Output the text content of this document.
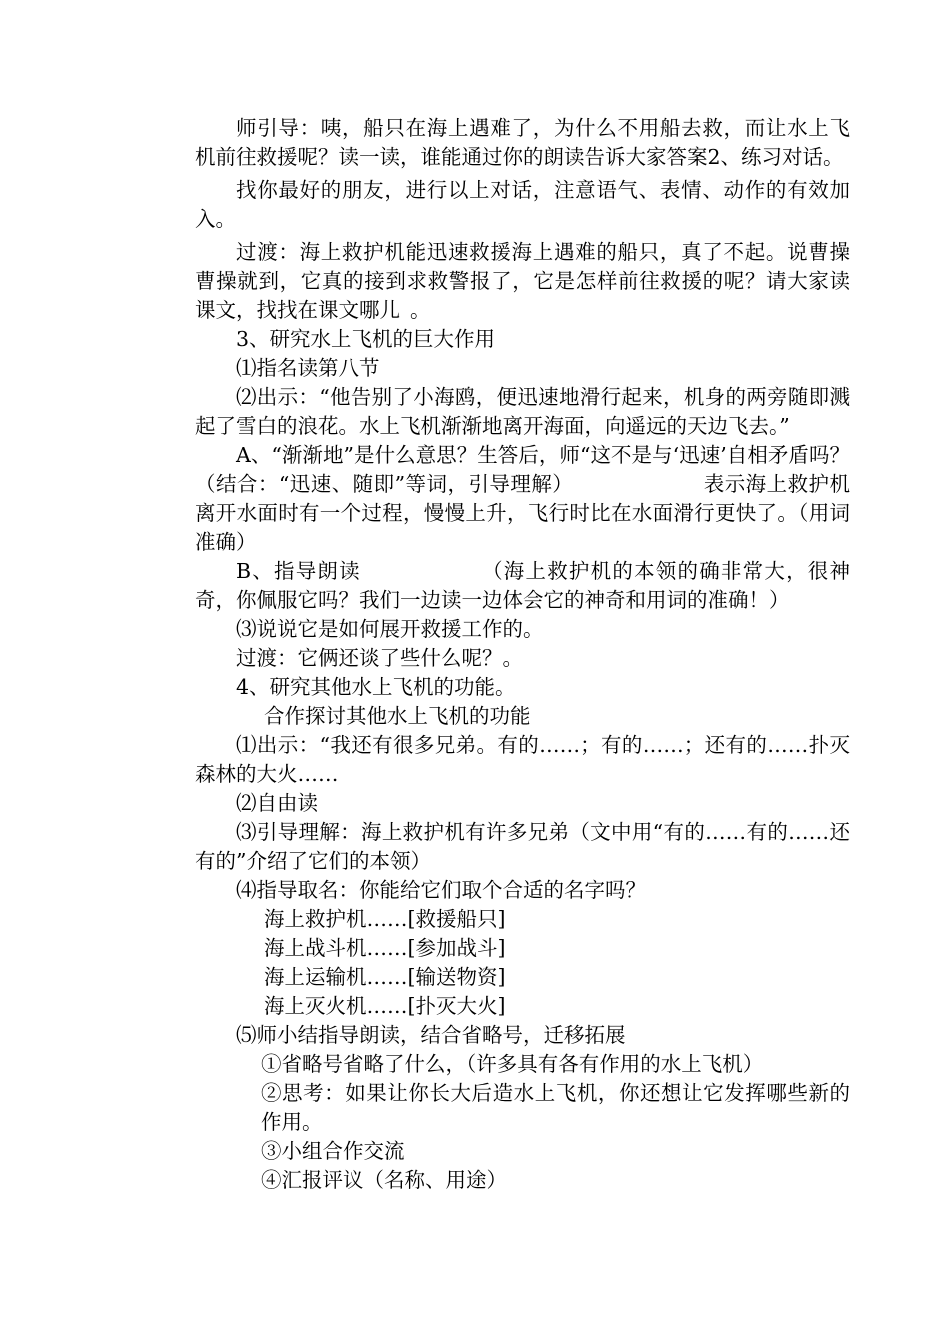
师引导：咦，船只在海上遇难了，为什么不用船去救，而让水上飞机前往救援呢？读一读，谁能通过你的朗读告诉大家答案2、练习对话。

找你最好的朋友，进行以上对话，注意语气、表情、动作的有效加入。

过渡：海上救护机能迅速救援海上遇难的船只，真了不起。说曹操曹操就到，它真的接到求救警报了，它是怎样前往救援的呢？请大家读课文，找找在课文哪儿 。

3、研究水上飞机的巨大作用

⑴指名读第八节

⑵出示：“他告别了小海鸥，便迅速地滑行起来，机身的两旁随即溅起了雪白的浪花。水上飞机渐渐地离开海面，向遥远的天边飞去。”

A、“渐渐地”是什么意思？生答后，师“这不是与‘迅速’自相矛盾吗？（结合：“迅速、随即”等词，引导理解）	表示海上救护机离开水面时有一个过程，慢慢上升，飞行时比在水面滑行更快了。（用词准确）

B、指导朗读	（海上救护机的本领的确非常大，很神奇，你佩服它吗？我们一边读一边体会它的神奇和用词的准确！）

⑶说说它是如何展开救援工作的。

过渡：它俩还谈了些什么呢？。

4、研究其他水上飞机的功能。

合作探讨其他水上飞机的功能

⑴出示：“我还有很多兄弟。有的……；有的……；还有的……扑灭森林的大火……

⑵自由读

⑶引导理解：海上救护机有许多兄弟（文中用“有的……有的……还有的”介绍了它们的本领）

⑷指导取名：你能给它们取个合适的名字吗？

海上救护机……[救援船只]

海上战斗机……[参加战斗]

海上运输机……[输送物资]

海上灭火机……[扑灭大火]

⑸师小结指导朗读，结合省略号，迁移拓展

①省略号省略了什么，（许多具有各有作用的水上飞机）

②思考：如果让你长大后造水上飞机，你还想让它发挥哪些新的作用。

③小组合作交流

④汇报评议（名称、用途）
